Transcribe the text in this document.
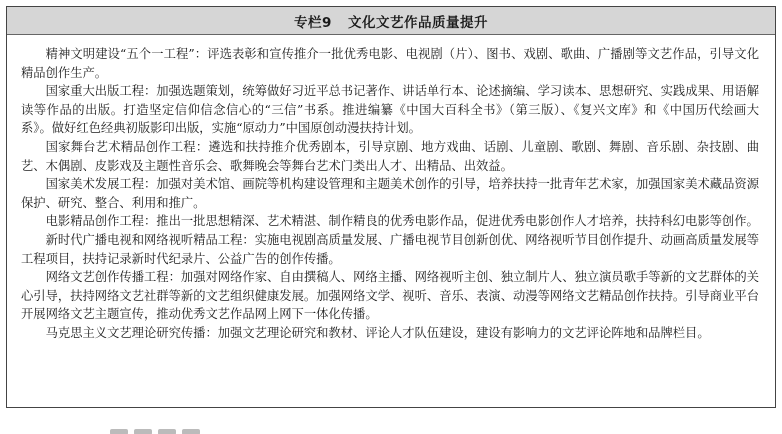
专栏9 文化文艺作品质量提升

精神文明建设“五个一工程”：评选表彰和宣传推介一批优秀电影、电视剧（片）、图书、戏剧、歌曲、广播剧等文艺作品，引导文化精品创作生产。

国家重大出版工程：加强选题策划，统筹做好习近平总书记著作、讲话单行本、论述摘编、学习读本、思想研究、实践成果、用语解读等作品的出版。打造坚定信仰信念信心的“三信”书系。推进编纂《中国大百科全书》（第三版）、《复兴文库》和《中国历代绘画大系》。做好红色经典初版影印出版，实施“原动力”中国原创动漫扶持计划。

国家舞台艺术精品创作工程：遴选和扶持推介优秀剧本，引导京剧、地方戏曲、话剧、儿童剧、歌剧、舞剧、音乐剧、杂技剧、曲艺、木偶剧、皮影戏及主题性音乐会、歌舞晚会等舞台艺术门类出人才、出精品、出效益。

国家美术发展工程：加强对美术馆、画院等机构建设管理和主题美术创作的引导，培养扶持一批青年艺术家，加强国家美术藏品资源保护、研究、整合、利用和推广。

电影精品创作工程：推出一批思想精深、艺术精湛、制作精良的优秀电影作品，促进优秀电影创作人才培养，扶持科幻电影等创作。

新时代广播电视和网络视听精品工程：实施电视剧高质量发展、广播电视节目创新创优、网络视听节目创作提升、动画高质量发展等工程项目，扶持记录新时代纪录片、公益广告的创作传播。

网络文艺创作传播工程：加强对网络作家、自由撰稿人、网络主播、网络视听主创、独立制片人、独立演员歌手等新的文艺群体的关心引导，扶持网络文艺社群等新的文艺组织健康发展。加强网络文学、视听、音乐、表演、动漫等网络文艺精品创作扶持。引导商业平台开展网络文艺主题宣传，推动优秀文艺作品网上网下一体化传播。

马克思主义文艺理论研究传播：加强文艺理论研究和教材、评论人才队伍建设，建设有影响力的文艺评论阵地和品牌栏目。
